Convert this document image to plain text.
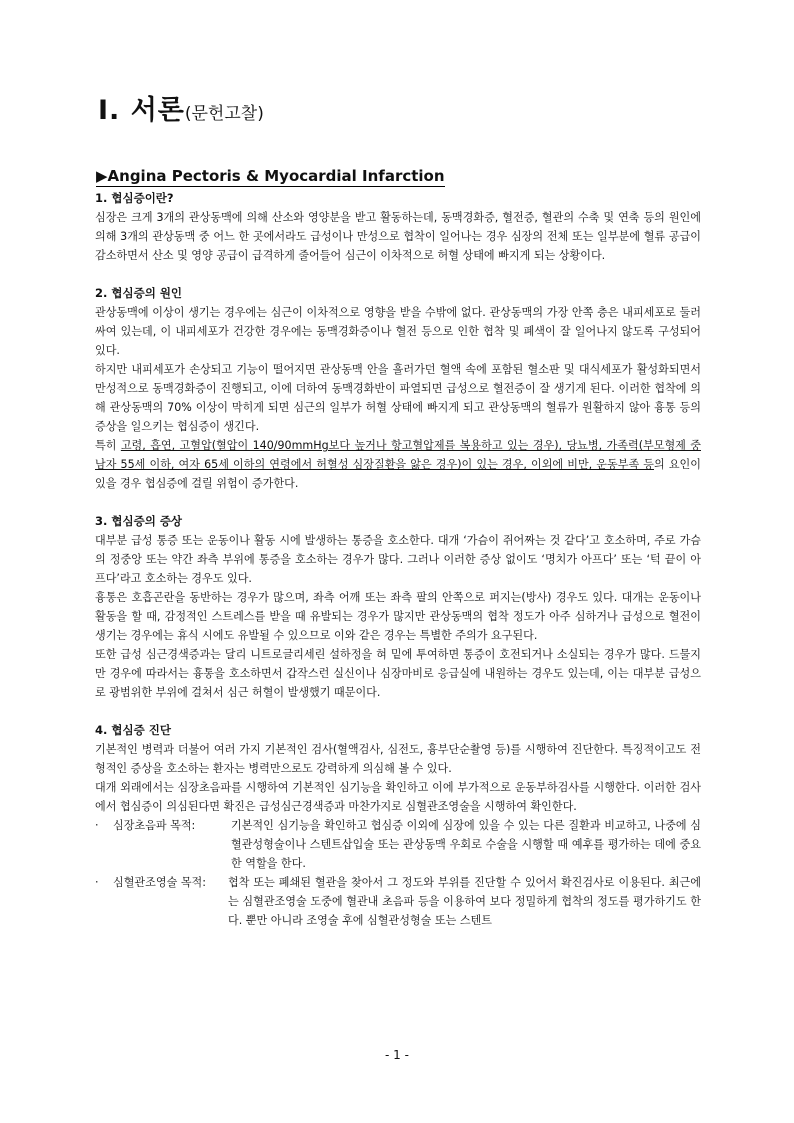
Ⅰ. 서론(문헌고찰)
▶Angina Pectoris & Myocardial Infarction

1. 협심증이란?

심장은 크게 3개의 관상동맥에 의해 산소와 영양분을 받고 활동하는데, 동맥경화증, 혈전증, 혈관의 수축 및 연축 등의 원인에 의해 3개의 관상동맥 중 어느 한 곳에서라도 급성이나 만성으로 협착이 일어나는 경우 심장의 전체 또는 일부분에 혈류 공급이 감소하면서 산소 및 영양 공급이 급격하게 줄어들어 심근이 이차적으로 허혈 상태에 빠지게 되는 상황이다.

2. 협심증의 원인

관상동맥에 이상이 생기는 경우에는 심근이 이차적으로 영향을 받을 수밖에 없다. 관상동맥의 가장 안쪽 층은 내피세포로 둘러싸여 있는데, 이 내피세포가 건강한 경우에는 동맥경화증이나 혈전 등으로 인한 협착 및 폐색이 잘 일어나지 않도록 구성되어 있다.

하지만 내피세포가 손상되고 기능이 떨어지면 관상동맥 안을 흘러가던 혈액 속에 포함된 혈소판 및 대식세포가 활성화되면서 만성적으로 동맥경화증이 진행되고, 이에 더하여 동맥경화반이 파열되면 급성으로 혈전증이 잘 생기게 된다. 이러한 협착에 의해 관상동맥의 70% 이상이 막히게 되면 심근의 일부가 허혈 상태에 빠지게 되고 관상동맥의 혈류가 원활하지 않아 흉통 등의 증상을 일으키는 협심증이 생긴다.

특히 고령, 흡연, 고혈압(혈압이 140/90mmHg보다 높거나 항고혈압제를 복용하고 있는 경우), 당뇨병, 가족력(부모형제 중 남자 55세 이하, 여자 65세 이하의 연령에서 허혈성 심장질환을 앓은 경우)이 있는 경우, 이외에 비만, 운동부족 등의 요인이 있을 경우 협심증에 걸릴 위험이 증가한다.

3. 협심증의 증상

대부분 급성 통증 또는 운동이나 활동 시에 발생하는 통증을 호소한다. 대개 ‘가슴이 쥐어짜는 것 같다’고 호소하며, 주로 가슴의 정중앙 또는 약간 좌측 부위에 통증을 호소하는 경우가 많다. 그러나 이러한 증상 없이도 ‘명치가 아프다’ 또는 ‘턱 끝이 아프다’라고 호소하는 경우도 있다.

흉통은 호흡곤란을 동반하는 경우가 많으며, 좌측 어깨 또는 좌측 팔의 안쪽으로 퍼지는(방사) 경우도 있다. 대개는 운동이나 활동을 할 때, 감정적인 스트레스를 받을 때 유발되는 경우가 많지만 관상동맥의 협착 정도가 아주 심하거나 급성으로 혈전이 생기는 경우에는 휴식 시에도 유발될 수 있으므로 이와 같은 경우는 특별한 주의가 요구된다.

또한 급성 심근경색증과는 달리 니트로글리세린 설하정을 혀 밑에 투여하면 통증이 호전되거나 소실되는 경우가 많다. 드물지만 경우에 따라서는 흉통을 호소하면서 갑작스런 실신이나 심장마비로 응급실에 내원하는 경우도 있는데, 이는 대부분 급성으로 광범위한 부위에 걸쳐서 심근 허혈이 발생했기 때문이다.

4. 협심증 진단

기본적인 병력과 더불어 여러 가지 기본적인 검사(혈액검사, 심전도, 흉부단순촬영 등)를 시행하여 진단한다. 특징적이고도 전형적인 증상을 호소하는 환자는 병력만으로도 강력하게 의심해 볼 수 있다.

대개 외래에서는 심장초음파를 시행하여 기본적인 심기능을 확인하고 이에 부가적으로 운동부하검사를 시행한다. 이러한 검사에서 협심증이 의심된다면 확진은 급성심근경색증과 마찬가지로 심혈관조영술을 시행하여 확인한다.

·	심장초음파 목적:	기본적인 심기능을 확인하고 협심증 이외에 심장에 있을 수 있는 다른 질환과 비교하고, 나중에 심혈관성형술이나 스텐트삽입술 또는 관상동맥 우회로 수술을 시행할 때 예후를 평가하는 데에 중요한 역할을 한다.
·	심혈관조영술 목적:	협착 또는 폐쇄된 혈관을 찾아서 그 정도와 부위를 진단할 수 있어서 확진검사로 이용된다. 최근에는 심혈관조영술 도중에 혈관내 초음파 등을 이용하여 보다 정밀하게 협착의 정도를 평가하기도 한다. 뿐만 아니라 조영술 후에 심혈관성형술 또는 스텐트
- 1 -
